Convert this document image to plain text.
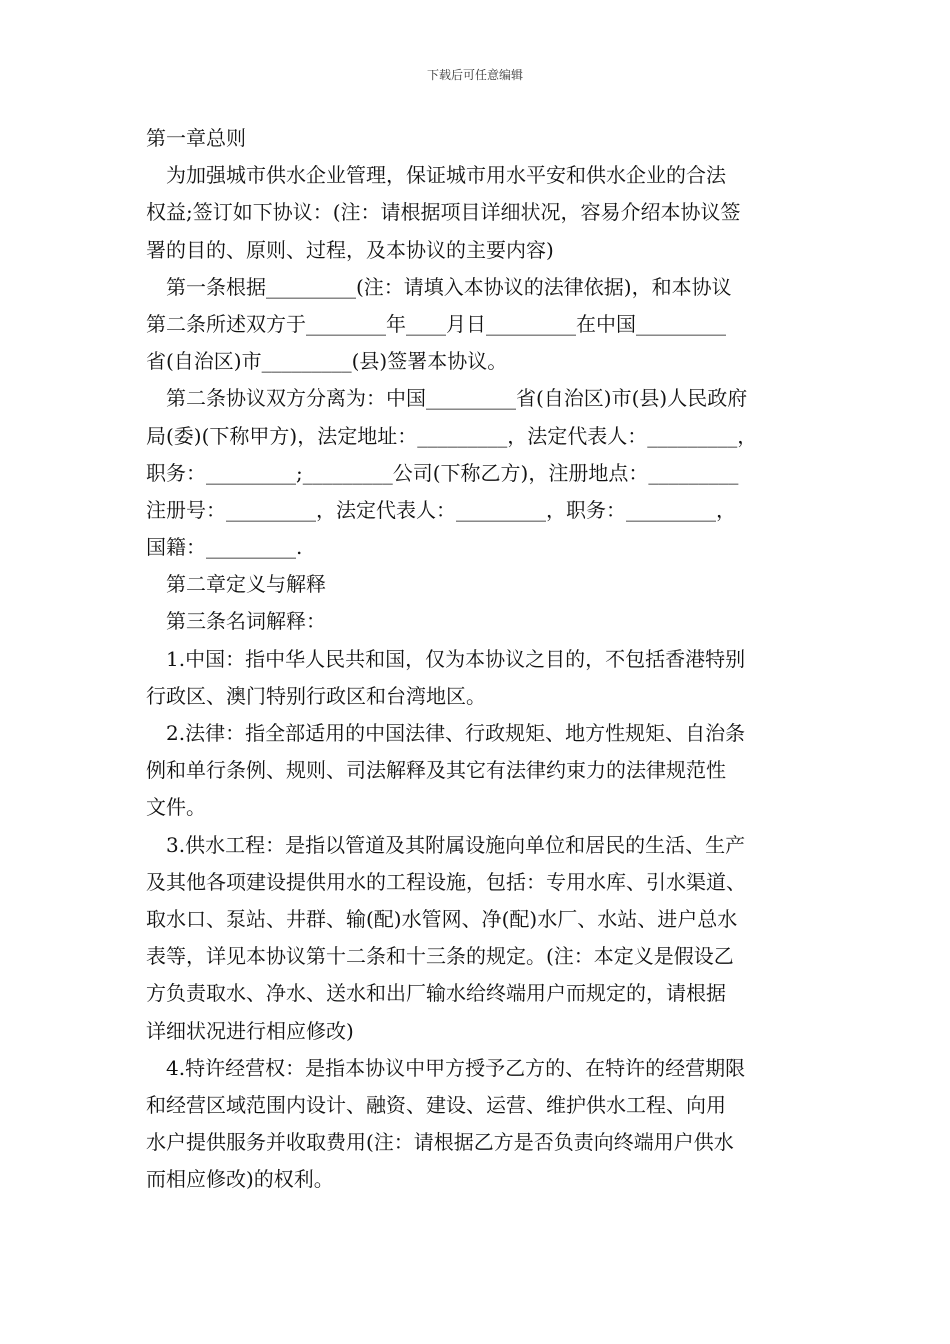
下载后可任意编辑
第一章总则
为加强城市供水企业管理，保证城市用水平安和供水企业的合法
权益;签订如下协议：(注：请根据项目详细状况，容易介绍本协议签
署的目的、原则、过程，及本协议的主要内容)
第一条根据_________(注：请填入本协议的法律依据)，和本协议
第二条所述双方于________年____月日_________在中国_________
省(自治区)市_________(县)签署本协议。
第二条协议双方分离为：中国_________省(自治区)市(县)人民政府
局(委)(下称甲方)，法定地址：_________，法定代表人：_________，
职务：_________;_________公司(下称乙方)，注册地点：_________
注册号：_________，法定代表人：_________，职务：_________，
国籍：_________.
第二章定义与解释
第三条名词解释：
1.中国：指中华人民共和国，仅为本协议之目的，不包括香港特别
行政区、澳门特别行政区和台湾地区。
2.法律：指全部适用的中国法律、行政规矩、地方性规矩、自治条
例和单行条例、规则、司法解释及其它有法律约束力的法律规范性
文件。
3.供水工程：是指以管道及其附属设施向单位和居民的生活、生产
及其他各项建设提供用水的工程设施，包括：专用水库、引水渠道、
取水口、泵站、井群、输(配)水管网、净(配)水厂、水站、进户总水
表等，详见本协议第十二条和十三条的规定。(注：本定义是假设乙
方负责取水、净水、送水和出厂输水给终端用户而规定的，请根据
详细状况进行相应修改)
4.特许经营权：是指本协议中甲方授予乙方的、在特许的经营期限
和经营区域范围内设计、融资、建设、运营、维护供水工程、向用
水户提供服务并收取费用(注：请根据乙方是否负责向终端用户供水
而相应修改)的权利。
